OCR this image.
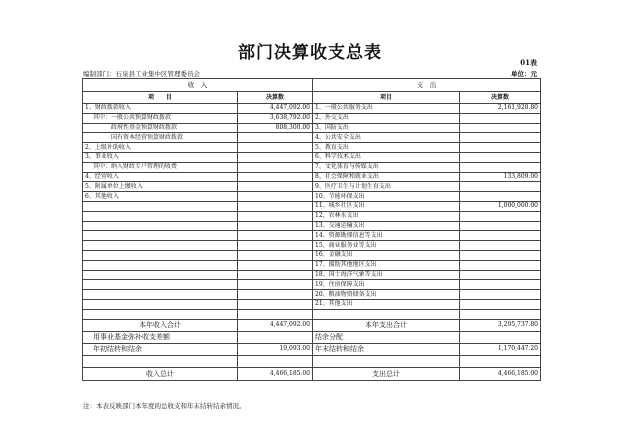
部门决算收支总表	01表
编制部门：石泉县工业集中区管理委员会	单位：元
收　入		支　出	
项　　目	决算数	项目	决算数
1、财政拨款收入	4,447,092.00	1、一般公共服务支出	2,161,928.80
其中：一般公共预算财政拨款	3,638,792.00	2、外交支出	
政府性基金预算财政拨款	808,300.00	3、国防支出	
国有资本经营预算财政拨款		4、公共安全支出	
2、上级补助收入		5、教育支出	
3、事业收入		6、科学技术支出	
其中：纳入财政专户管理的收费		7、文化体育与传媒支出	
4、经营收入		8、社会保障和就业支出	133,809.00
5、附属单位上缴收入		9、医疗卫生与计划生育支出	
6、其他收入		10、节能环保支出	
		11、城乡社区支出	1,000,000.00
		12、农林水支出	
		13、交通运输支出	
		14、资源勘探信息等支出	
		15、商业服务业等支出	
		16、金融支出	
		17、援助其他地区支出	
		18、国土海洋气象等支出	
		19、住房保障支出	
		20、粮油物资储备支出	
		21、其他支出	

本年收入合计	4,447,092.00	本年支出合计	3,295,737.80
用事业基金弥补收支差额		结余分配	
年初结转和结余	19,093.00	年末结转和结余	1,170,447.20

收入总计	4,466,185.00	支出总计	4,466,185.00
注：本表反映部门本年度的总收支和年末结转结余情况。
